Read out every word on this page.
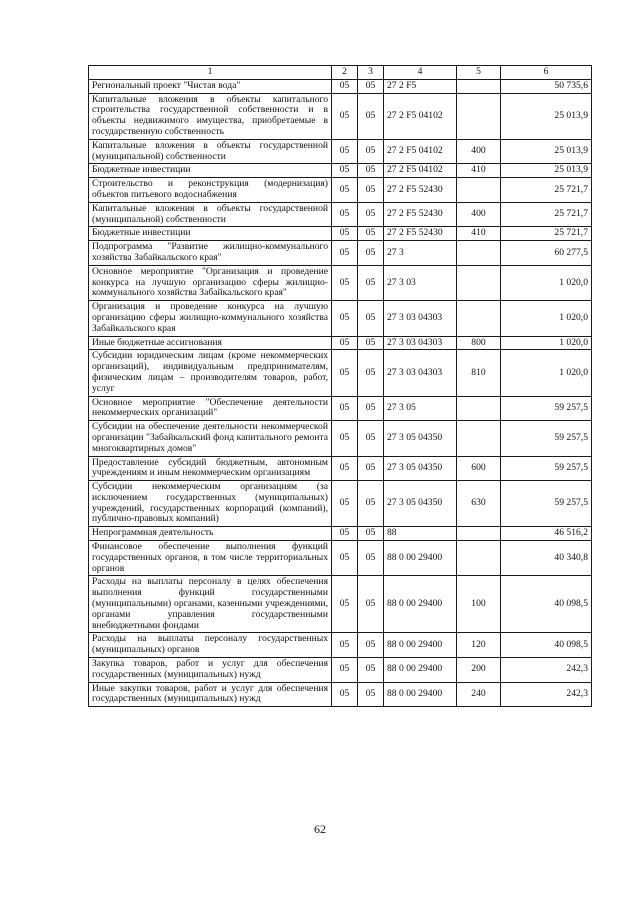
1	2	3	4	5	6
Региональный проект "Чистая вода"	05	05	27 2 F5		50 735,6
Капитальные вложения в объекты капитального строительства государственной собственности и в объекты недвижимого имущества, приобретаемые в государственную собственность	05	05	27 2 F5 04102		25 013,9
Капитальные вложения в объекты государственной (муниципальной) собственности	05	05	27 2 F5 04102	400	25 013,9
Бюджетные инвестиции	05	05	27 2 F5 04102	410	25 013,9
Строительство и реконструкция (модернизация) объектов питьевого водоснабжения	05	05	27 2 F5 52430		25 721,7
Капитальные вложения в объекты государственной (муниципальной) собственности	05	05	27 2 F5 52430	400	25 721,7
Бюджетные инвестиции	05	05	27 2 F5 52430	410	25 721,7
Подпрограмма "Развитие жилищно-коммунального хозяйства Забайкальского края"	05	05	27 3		60 277,5
Основное мероприятие "Организация и проведение конкурса на лучшую организацию сферы жилищно-коммунального хозяйства Забайкальского края"	05	05	27 3 03		1 020,0
Организация и проведение конкурса на лучшую организацию сферы жилищно-коммунального хозяйства Забайкальского края	05	05	27 3 03 04303		1 020,0
Иные бюджетные ассигнования	05	05	27 3 03 04303	800	1 020,0
Субсидии юридическим лицам (кроме некоммерческих организаций), индивидуальным предпринимателям, физическим лицам – производителям товаров, работ, услуг	05	05	27 3 03 04303	810	1 020,0
Основное мероприятие "Обеспечение деятельности некоммерческих организаций"	05	05	27 3 05		59 257,5
Субсидии на обеспечение деятельности некоммерческой организации "Забайкальский фонд капитального ремонта многоквартирных домов"	05	05	27 3 05 04350		59 257,5
Предоставление субсидий бюджетным, автономным учреждениям и иным некоммерческим организациям	05	05	27 3 05 04350	600	59 257,5
Субсидии некоммерческим организациям (за исключением государственных (муниципальных) учреждений, государственных корпораций (компаний), публично-правовых компаний)	05	05	27 3 05 04350	630	59 257,5
Непрограммная деятельность	05	05	88		46 516,2
Финансовое обеспечение выполнения функций государственных органов, в том числе территориальных органов	05	05	88 0 00 29400		40 340,8
Расходы на выплаты персоналу в целях обеспечения выполнения функций государственными (муниципальными) органами, казенными учреждениями, органами управления государственными внебюджетными фондами	05	05	88 0 00 29400	100	40 098,5
Расходы на выплаты персоналу государственных (муниципальных) органов	05	05	88 0 00 29400	120	40 098,5
Закупка товаров, работ и услуг для обеспечения государственных (муниципальных) нужд	05	05	88 0 00 29400	200	242,3
Иные закупки товаров, работ и услуг для обеспечения государственных (муниципальных) нужд	05	05	88 0 00 29400	240	242,3
62
